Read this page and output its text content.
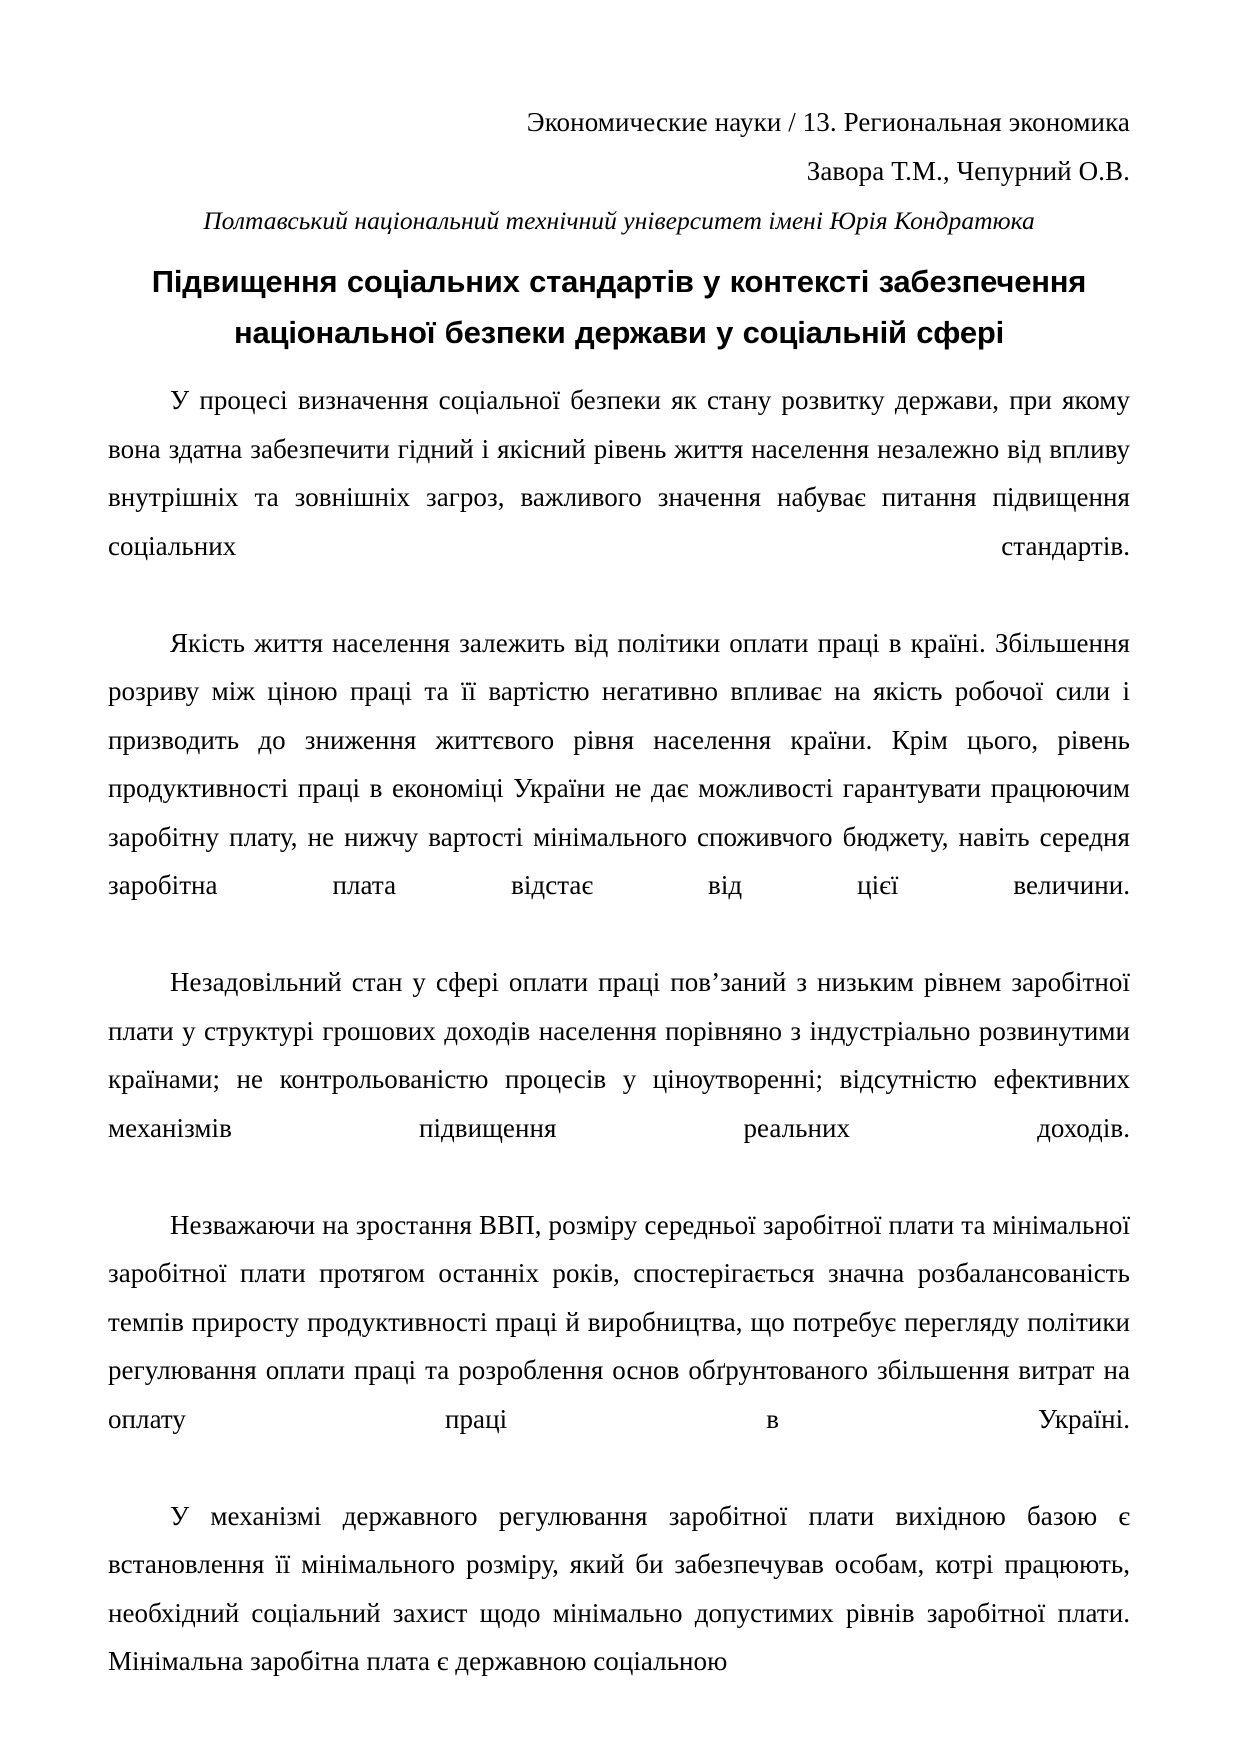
Экономические науки / 13. Региональная экономика
Завора Т.М., Чепурний О.В.
Полтавський національний технічний університет імені Юрія Кондратюка
Підвищення соціальних стандартів у контексті забезпечення національної безпеки держави у соціальній сфері

У процесі визначення соціальної безпеки як стану розвитку держави, при якому вона здатна забезпечити гідний і якісний рівень життя населення незалежно від впливу внутрішніх та зовнішніх загроз, важливого значення набуває питання підвищення соціальних стандартів.

Якість життя населення залежить від політики оплати праці в країні. Збільшення розриву між ціною праці та її вартістю негативно впливає на якість робочої сили і призводить до зниження життєвого рівня населення країни. Крім цього, рівень продуктивності праці в економіці України не дає можливості гарантувати працюючим заробітну плату, не нижчу вартості мінімального споживчого бюджету, навіть середня заробітна плата відстає від цієї величини.

Незадовільний стан у сфері оплати праці пов’заний з низьким рівнем заробітної плати у структурі грошових доходів населення порівняно з індустріально розвинутими країнами; не контрольованістю процесів у ціноутворенні; відсутністю ефективних механізмів підвищення реальних доходів.

Незважаючи на зростання ВВП, розміру середньої заробітної плати та мінімальної заробітної плати протягом останніх років, спостерігається значна розбалансованість темпів приросту продуктивності праці й виробництва, що потребує перегляду політики регулювання оплати праці та розроблення основ обґрунтованого збільшення витрат на оплату праці в Україні.

У механізмі державного регулювання заробітної плати вихідною базою є встановлення її мінімального розміру, який би забезпечував особам, котрі працюють, необхідний соціальний захист щодо мінімально допустимих рівнів заробітної плати. Мінімальна заробітна плата є державною соціальною
